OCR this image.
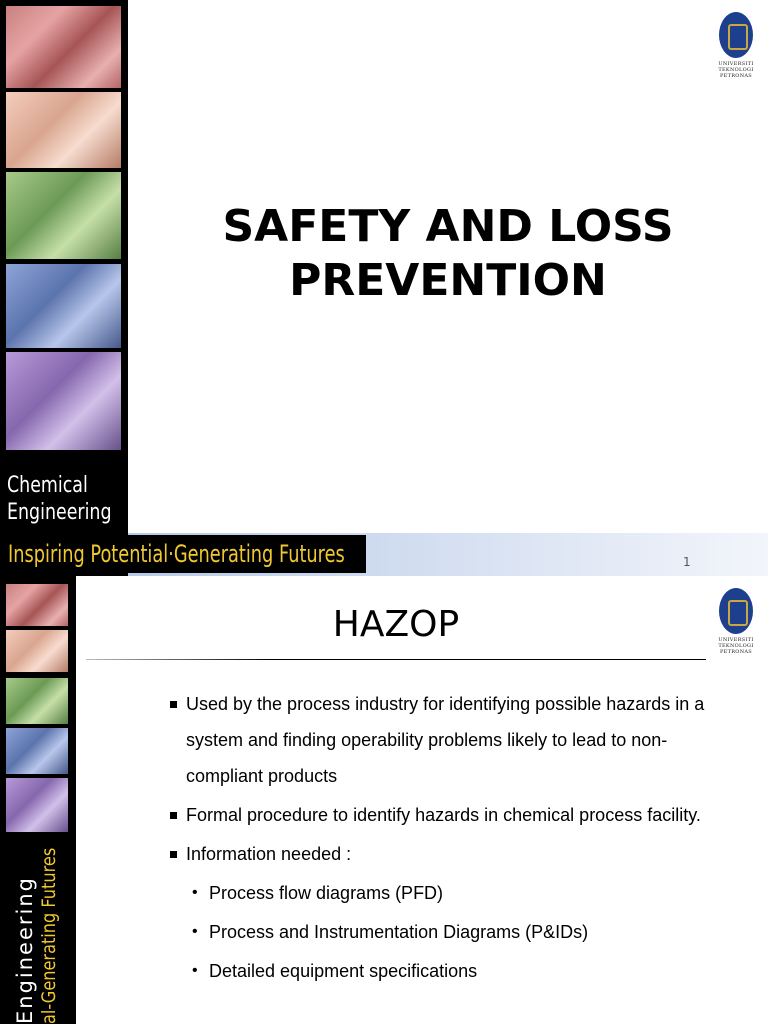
Chemical
Engineering
Inspiring Potential·Generating Futures
UNIVERSITI
TEKNOLOGI
PETRONAS
SAFETY AND LOSS
PREVENTION
1
Engineering al-Generating Futures
UNIVERSITI
TEKNOLOGI
PETRONAS
HAZOP
Used by the process industry for identifying possible hazards in a system and finding operability problems likely to lead to non-compliant products
Formal procedure to identify hazards in chemical process facility.
Information needed :
• Process flow diagrams (PFD)
• Process and Instrumentation Diagrams (P&IDs)
• Detailed equipment specifications
